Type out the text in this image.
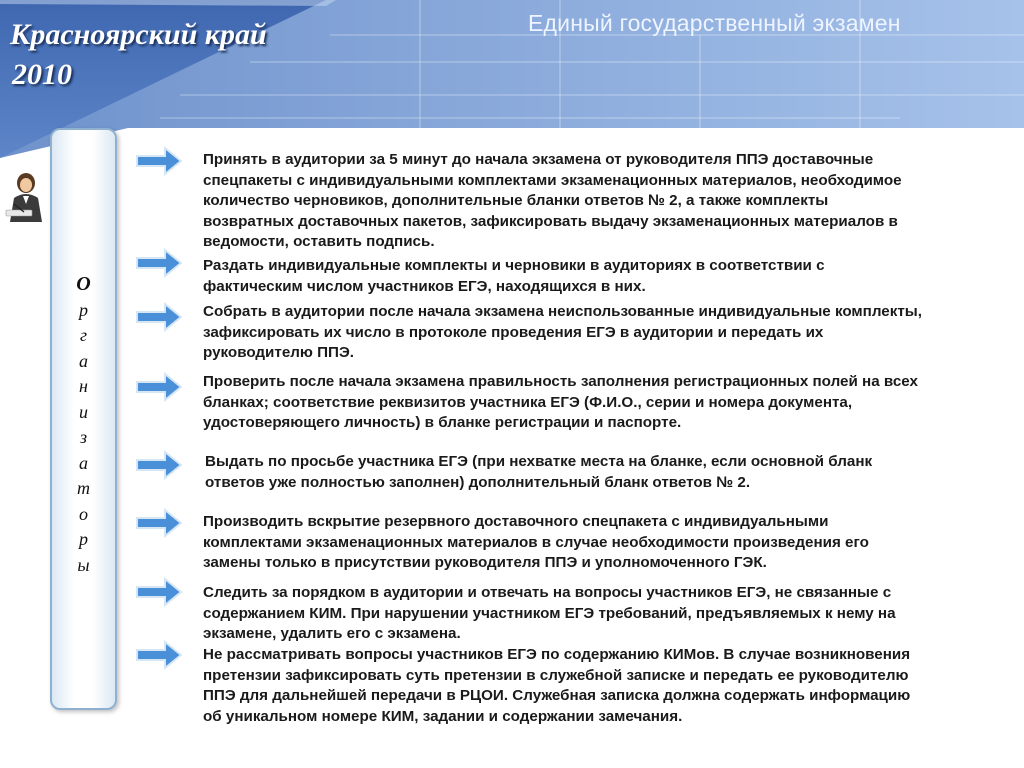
Красноярский край
2010
Единый государственный экзамен
О
р
г
а
н
и
з
а
т
о
р
ы

Принять в аудитории за 5 минут до начала экзамена от руководителя ППЭ доставочные спецпакеты с индивидуальными комплектами экзаменационных материалов, необходимое количество черновиков, дополнительные бланки ответов № 2, а также комплекты возвратных доставочных пакетов, зафиксировать выдачу экзаменационных материалов в ведомости, оставить подпись.

Раздать индивидуальные комплекты и черновики в аудиториях в соответствии с фактическим числом участников ЕГЭ, находящихся в них.

Собрать в аудитории после начала экзамена неиспользованные индивидуальные комплекты, зафиксировать их число в протоколе проведения ЕГЭ в аудитории и передать их руководителю ППЭ.

Проверить после начала экзамена правильность заполнения регистрационных полей на всех бланках; соответствие реквизитов участника ЕГЭ (Ф.И.О., серии и номера документа, удостоверяющего личность) в бланке регистрации и паспорте.

Выдать по просьбе участника ЕГЭ (при нехватке места на бланке, если основной бланк ответов уже полностью заполнен) дополнительный бланк ответов № 2.

Производить вскрытие резервного доставочного спецпакета с индивидуальными комплектами экзаменационных материалов в случае необходимости произведения его замены только в присутствии руководителя ППЭ и уполномоченного ГЭК.

Следить за порядком в аудитории и отвечать на вопросы участников ЕГЭ, не связанные с содержанием КИМ. При нарушении участником ЕГЭ требований, предъявляемых к нему на экзамене, удалить его с экзамена.

Не рассматривать вопросы участников ЕГЭ по содержанию КИМов. В случае возникновения претензии зафиксировать суть претензии в служебной записке и передать ее руководителю ППЭ для дальнейшей передачи в РЦОИ. Служебная записка должна содержать информацию об уникальном номере КИМ, задании и содержании замечания.
